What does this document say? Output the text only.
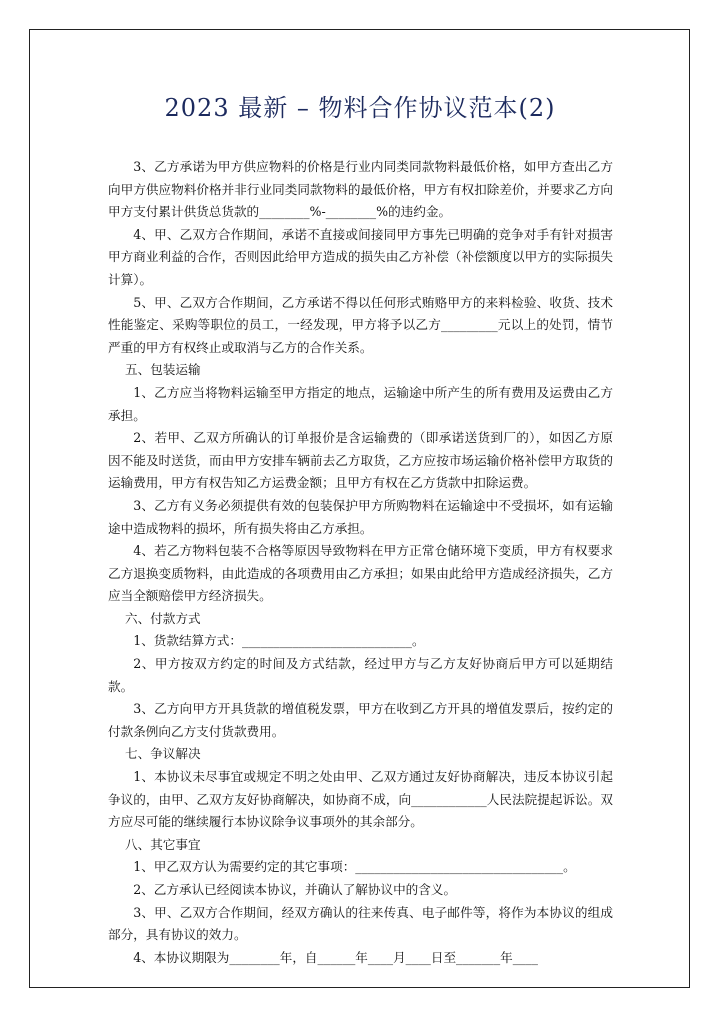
2023 最新 – 物料合作协议范本(2)

3、乙方承诺为甲方供应物料的价格是行业内同类同款物料最低价格，如甲方查出乙方向甲方供应物料价格并非行业同类同款物料的最低价格，甲方有权扣除差价，并要求乙方向甲方支付累计供货总货款的________%-________%的违约金。

4、甲、乙双方合作期间，承诺不直接或间接同甲方事先已明确的竞争对手有针对损害甲方商业利益的合作，否则因此给甲方造成的损失由乙方补偿（补偿额度以甲方的实际损失计算）。

5、甲、乙双方合作期间，乙方承诺不得以任何形式贿赂甲方的来料检验、收货、技术性能鉴定、采购等职位的员工，一经发现，甲方将予以乙方_________元以上的处罚，情节严重的甲方有权终止或取消与乙方的合作关系。

五、包装运输

1、乙方应当将物料运输至甲方指定的地点，运输途中所产生的所有费用及运费由乙方承担。

2、若甲、乙双方所确认的订单报价是含运输费的（即承诺送货到厂的），如因乙方原因不能及时送货，而由甲方安排车辆前去乙方取货，乙方应按市场运输价格补偿甲方取货的运输费用，甲方有权告知乙方运费金额；且甲方有权在乙方货款中扣除运费。

3、乙方有义务必须提供有效的包装保护甲方所购物料在运输途中不受损坏，如有运输途中造成物料的损坏，所有损失将由乙方承担。

4、若乙方物料包装不合格等原因导致物料在甲方正常仓储环境下变质，甲方有权要求乙方退换变质物料，由此造成的各项费用由乙方承担；如果由此给甲方造成经济损失，乙方应当全额赔偿甲方经济损失。

六、付款方式

1、货款结算方式：___________________________。

2、甲方按双方约定的时间及方式结款，经过甲方与乙方友好协商后甲方可以延期结款。

3、乙方向甲方开具货款的增值税发票，甲方在收到乙方开具的增值发票后，按约定的付款条例向乙方支付货款费用。

七、争议解决

1、本协议未尽事宜或规定不明之处由甲、乙双方通过友好协商解决，违反本协议引起争议的，由甲、乙双方友好协商解决，如协商不成，向____________人民法院提起诉讼。双方应尽可能的继续履行本协议除争议事项外的其余部分。

八、其它事宜

1、甲乙双方认为需要约定的其它事项：_________________________________。

2、乙方承认已经阅读本协议，并确认了解协议中的含义。

3、甲、乙双方合作期间，经双方确认的往来传真、电子邮件等，将作为本协议的组成部分，具有协议的效力。

4、本协议期限为________年，自______年____月____日至_______年____
